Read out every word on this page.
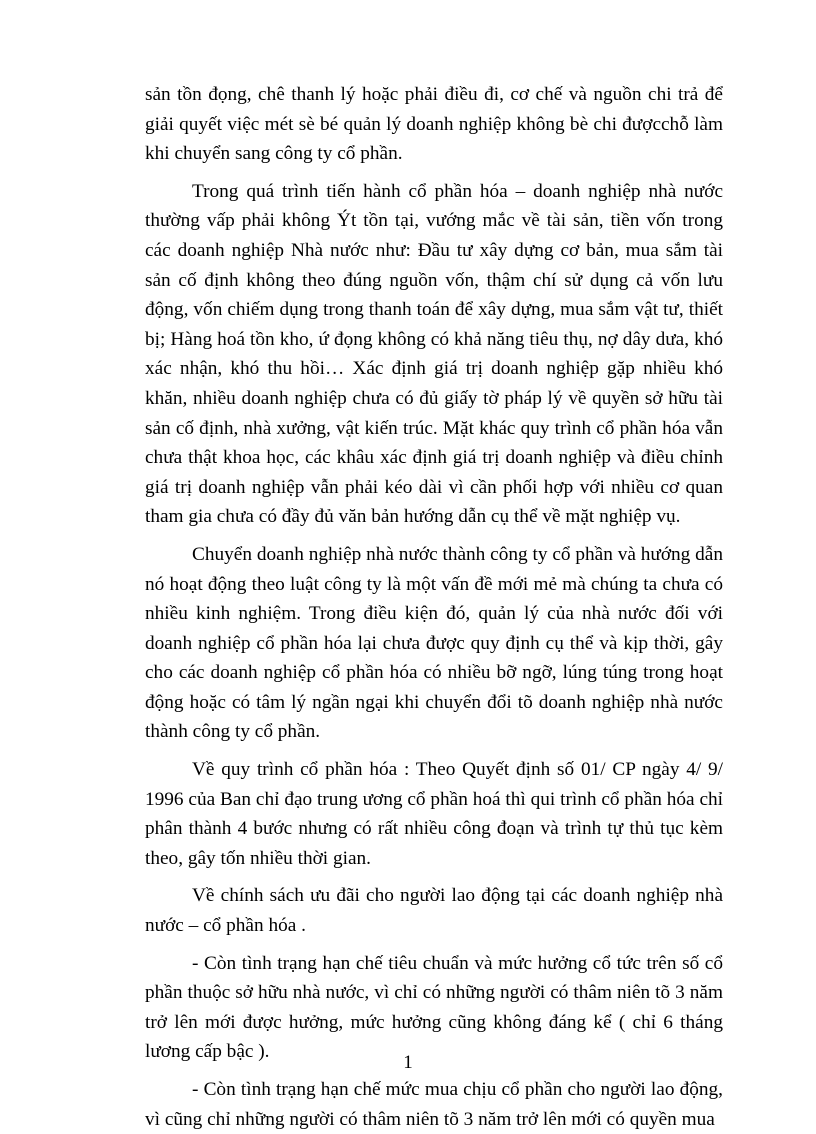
sản tồn đọng, chê thanh lý hoặc phải điều đi, cơ chế và nguồn chi trả để giải quyết việc mét sè bé quản lý doanh nghiệp không bè chi đượcchỗ làm khi chuyển sang công ty cổ phần.

Trong quá trình tiến hành cổ phần hóa – doanh nghiệp nhà nước thường vấp phải không Ýt tồn tại, vướng mắc về tài sản, tiền vốn trong các doanh nghiệp Nhà nước như: Đầu tư xây dựng cơ bản, mua sắm tài sản cố định không theo đúng nguồn vốn, thậm chí sử dụng cả vốn lưu động, vốn chiếm dụng trong thanh toán để xây dựng, mua sắm vật tư, thiết bị; Hàng hoá tồn kho, ứ đọng không có khả năng tiêu thụ, nợ dây dưa, khó xác nhận, khó thu hồi… Xác định giá trị doanh nghiệp gặp nhiều khó khăn, nhiều doanh nghiệp chưa có đủ giấy tờ pháp lý về quyền sở hữu tài sản cố định, nhà xưởng, vật kiến trúc. Mặt khác quy trình cổ phần hóa vẫn chưa thật khoa học, các khâu xác định giá trị doanh nghiệp và điều chỉnh giá trị doanh nghiệp vẫn phải kéo dài vì cần phối hợp với nhiều cơ quan tham gia chưa có đầy đủ văn bản hướng dẫn cụ thể về mặt nghiệp vụ.

Chuyển doanh nghiệp nhà nước thành công ty cổ phần và hướng dẫn nó hoạt động theo luật công ty là một vấn đề mới mẻ mà chúng ta chưa có nhiều kinh nghiệm. Trong điều kiện đó, quản lý của nhà nước đối với doanh nghiệp cổ phần hóa lại chưa được quy định cụ thể và kịp thời, gây cho các doanh nghiệp cổ phần hóa có nhiều bỡ ngỡ, lúng túng trong hoạt động hoặc có tâm lý ngần ngại khi chuyển đổi tõ doanh nghiệp nhà nước thành công ty cổ phần.

Về quy trình cổ phần hóa : Theo Quyết định số 01/ CP ngày 4/ 9/ 1996 của Ban chỉ đạo trung ương cổ phần hoá thì qui trình cổ phần hóa chỉ phân thành 4 bước nhưng có rất nhiều công đoạn và trình tự thủ tục kèm theo, gây tốn nhiều thời gian.

Về chính sách ưu đãi cho người lao động tại các doanh nghiệp nhà nước – cổ phần hóa .

- Còn tình trạng hạn chế tiêu chuẩn và mức hưởng cổ tức trên số cổ phần thuộc sở hữu nhà nước, vì chỉ có những người có thâm niên tõ 3 năm trở lên mới được hưởng, mức hưởng cũng không đáng kể ( chỉ 6 tháng lương cấp bậc ).

- Còn tình trạng hạn chế mức mua chịu cổ phần cho người lao động, vì cũng chỉ những người có thâm niên tõ 3 năm trở lên mới có quyền mua

1
